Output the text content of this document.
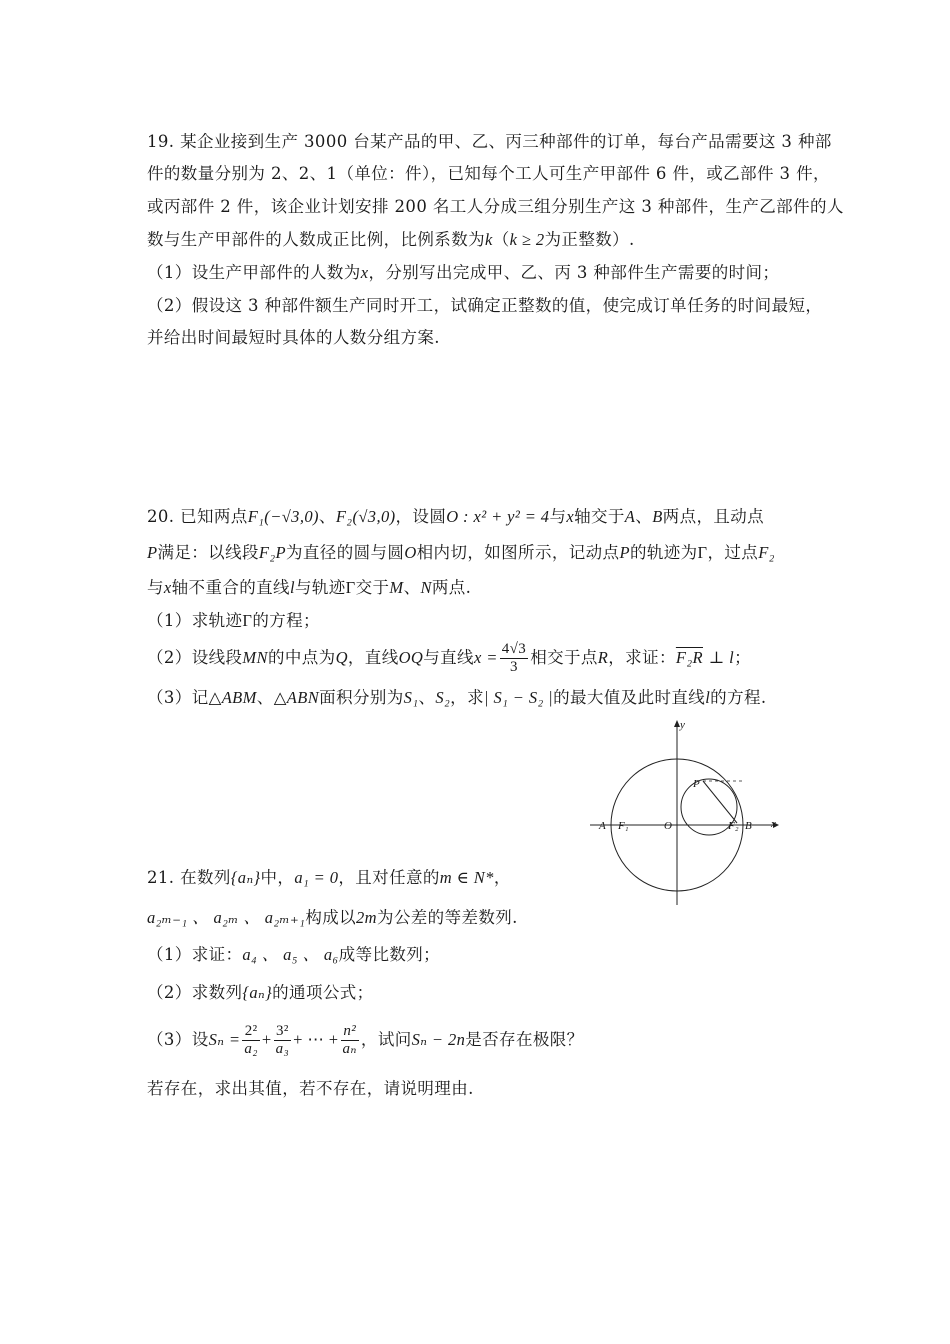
19. 某企业接到生产 3000 台某产品的甲、乙、丙三种部件的订单，每台产品需要这 3 种部
件的数量分别为 2、2、1（单位：件），已知每个工人可生产甲部件 6 件，或乙部件 3 件，
或丙部件 2 件，该企业计划安排 200 名工人分成三组分别生产这 3 种部件，生产乙部件的人
数与生产甲部件的人数成正比例，比例系数为k（k ≥ 2为正整数）.
（1）设生产甲部件的人数为x，分别写出完成甲、乙、丙 3 种部件生产需要的时间；
（2）假设这 3 种部件额生产同时开工，试确定正整数的值，使完成订单任务的时间最短，
并给出时间最短时具体的人数分组方案.
20. 已知两点F₁(−√3,0)、F₂(√3,0)，设圆O : x² + y² = 4与x轴交于A、B两点，且动点
P满足：以线段F₂P为直径的圆与圆O相内切，如图所示，记动点P的轨迹为Γ，过点F₂
与x轴不重合的直线l与轨迹Γ交于M、N两点.
（1）求轨迹Γ的方程；
（2）设线段MN的中点为Q，直线OQ与直线$x = \frac{4√3}{3}$ 相交于点R，求证：F₂R ⊥ l；
（3）记△ABM、△ABN面积分别为S₁、S₂，求| S₁ − S₂ |的最大值及此时直线l的方程.
y
x
A F₁	O	F₂ B
P
21. 在数列{aₙ}中，a₁ = 0，且对任意的m ∈ N*，
a₂ₘ₋₁ 、 a₂ₘ 、 a₂ₘ₊₁构成以2m为公差的等差数列.
（1）求证：a₄ 、 a₅ 、 a₆成等比数列；
（2）求数列{aₙ}的通项公式；
（3）设$S_n = \frac{\text{2²}}{\text{a₂}} + \frac{\text{3²}}{\text{a₃}}$ + ⋯ + $\frac{\text{n²}}{\text{aₙ}}$ ，试问Sₙ − 2n是否存在极限？
若存在，求出其值，若不存在，请说明理由.
